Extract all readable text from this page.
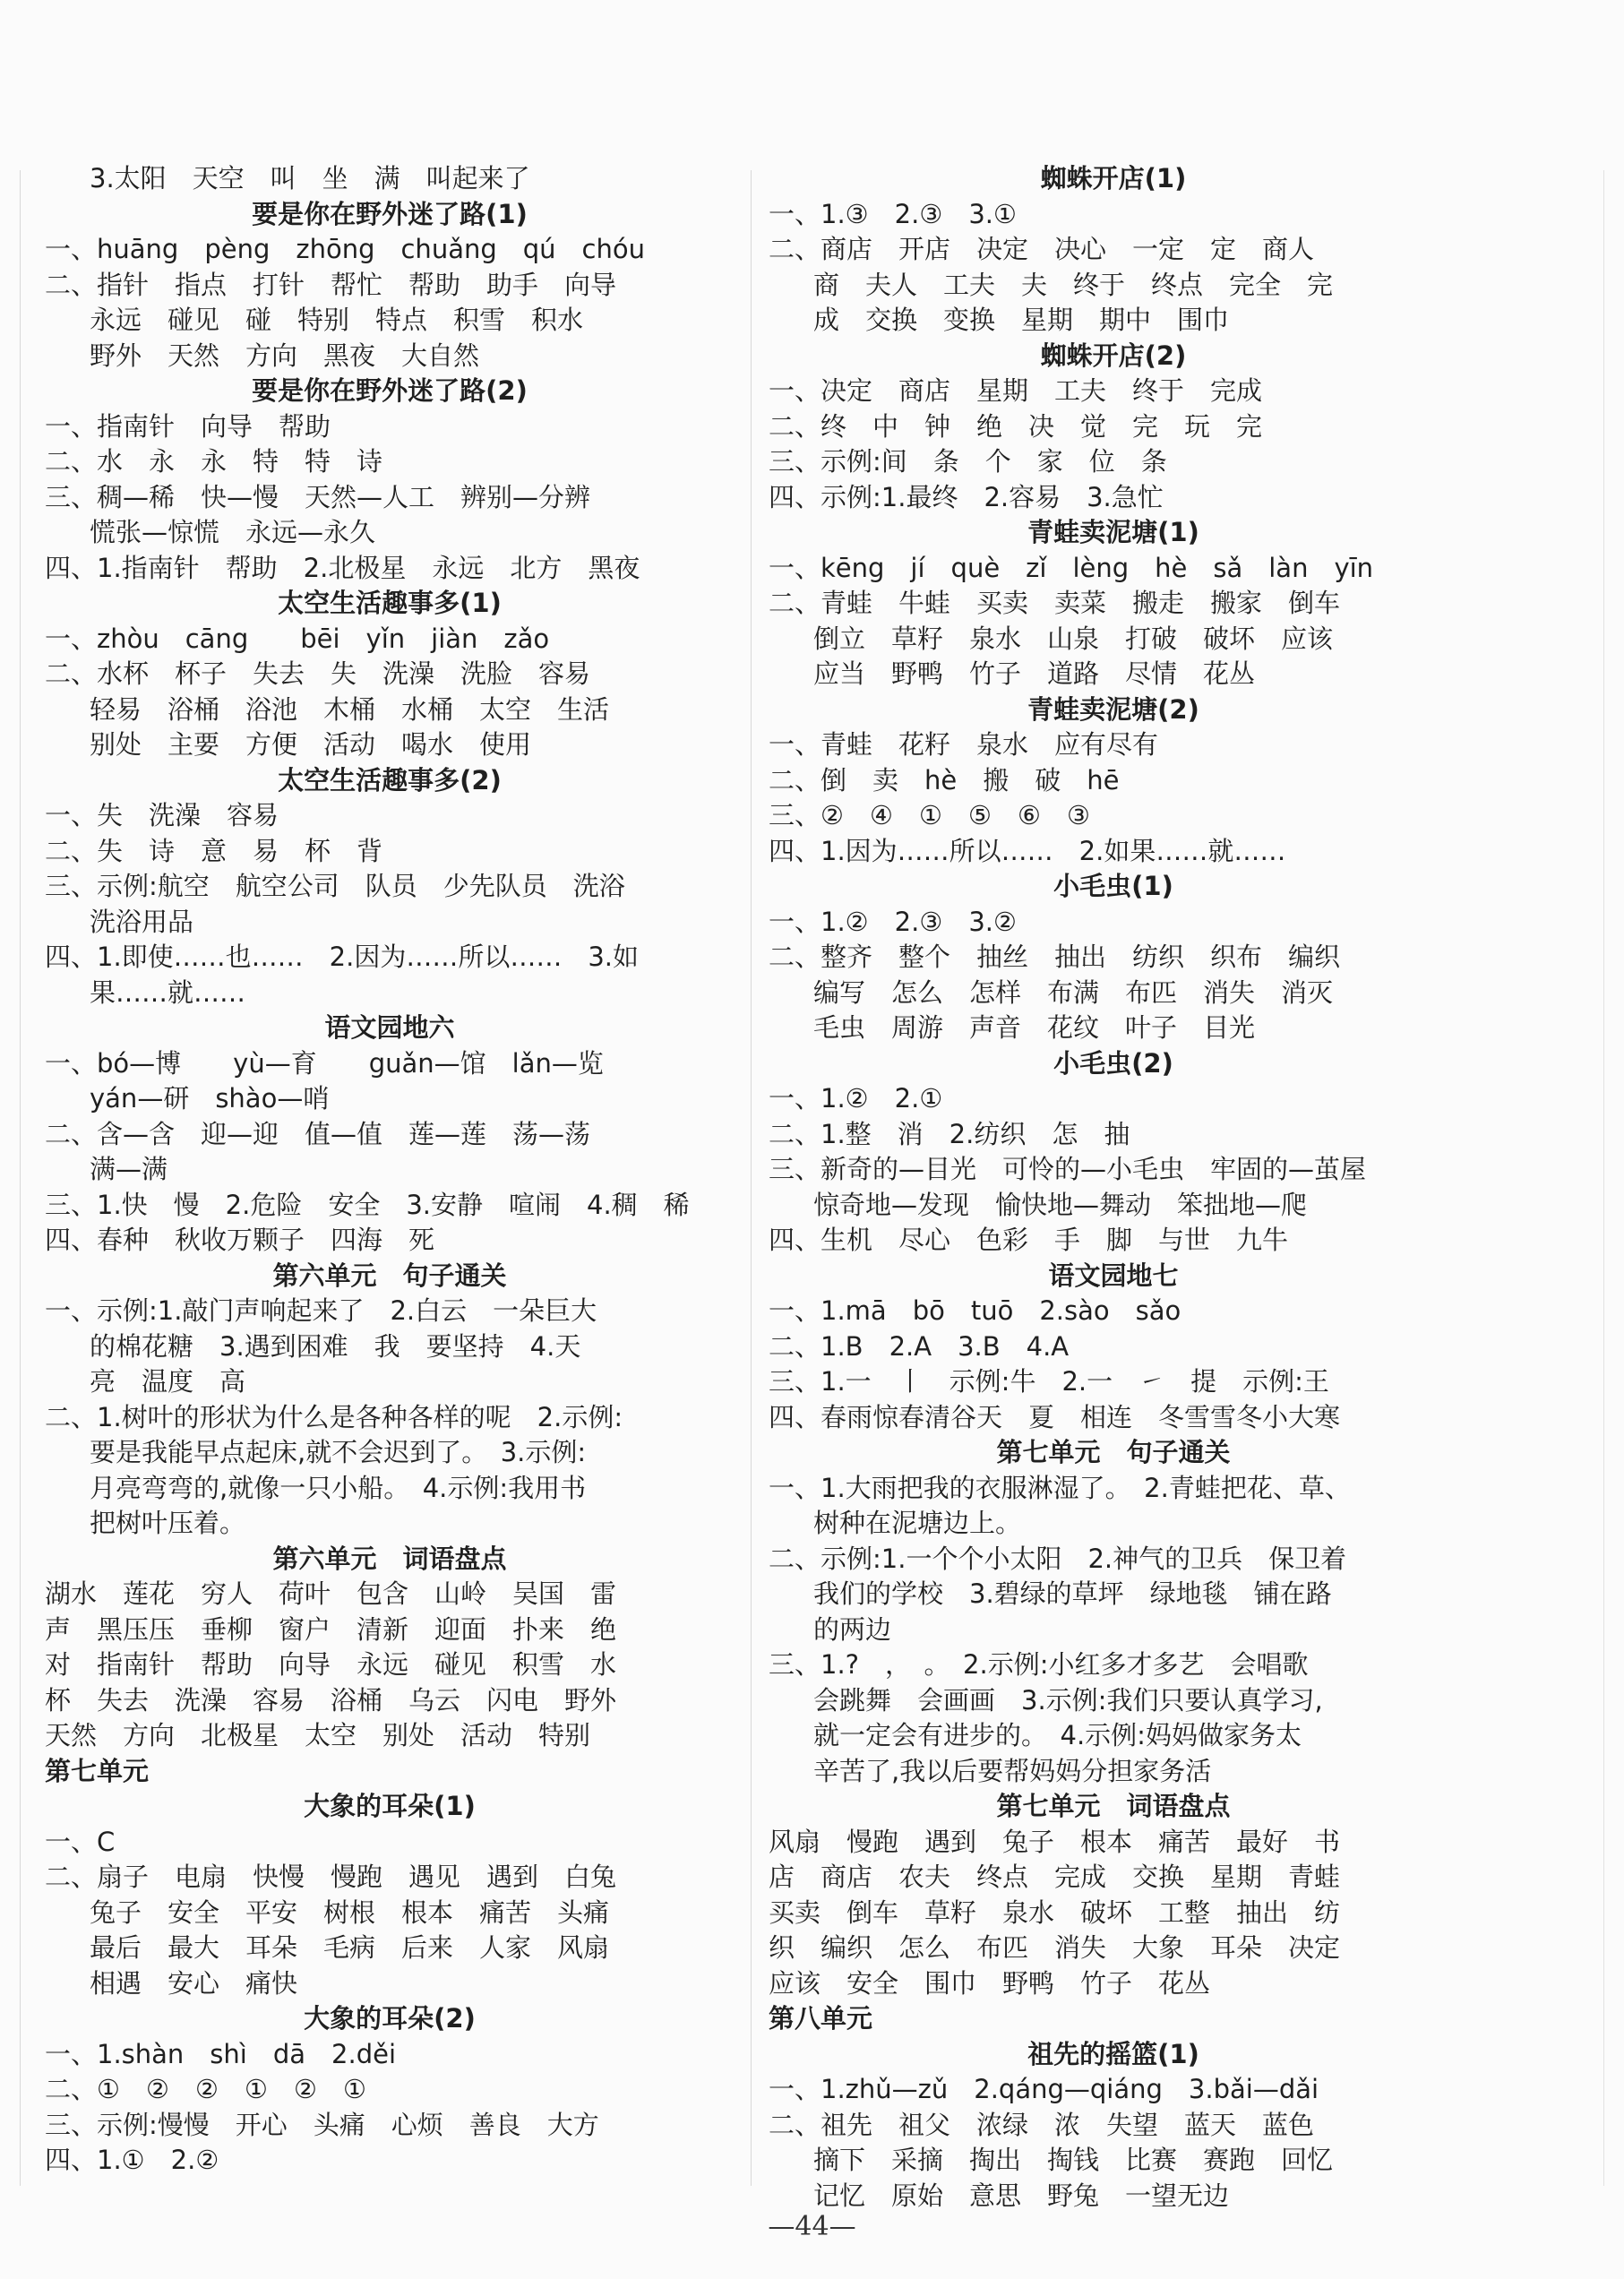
3.太阳　天空　叫　坐　满　叫起来了
要是你在野外迷了路(1)
一、huāng　pèng　zhōng　chuǎng　qú　chóu
二、指针　指点　打针　帮忙　帮助　助手　向导
永远　碰见　碰　特别　特点　积雪　积水
野外　天然　方向　黑夜　大自然
要是你在野外迷了路(2)
一、指南针　向导　帮助
二、水　永　永　特　特　诗
三、稠—稀　快—慢　天然—人工　辨别—分辨
慌张—惊慌　永远—永久
四、1.指南针　帮助　2.北极星　永远　北方　黑夜
太空生活趣事多(1)
一、zhòu　cāng　　bēi　yǐn　jiàn　zǎo
二、水杯　杯子　失去　失　洗澡　洗脸　容易
轻易　浴桶　浴池　木桶　水桶　太空　生活
别处　主要　方便　活动　喝水　使用
太空生活趣事多(2)
一、失　洗澡　容易
二、失　诗　意　易　杯　背
三、示例:航空　航空公司　队员　少先队员　洗浴
洗浴用品
四、1.即使……也……　2.因为……所以……　3.如
果……就……
语文园地六
一、bó—博　　yù—育　　guǎn—馆　lǎn—览
yán—研　shào—哨
二、含—含　迎—迎　值—值　莲—莲　荡—荡
满—满
三、1.快　慢　2.危险　安全　3.安静　喧闹　4.稠　稀
四、春种　秋收万颗子　四海　死
第六单元　句子通关
一、示例:1.敲门声响起来了　2.白云　一朵巨大
的棉花糖　3.遇到困难　我　要坚持　4.天
亮　温度　高
二、1.树叶的形状为什么是各种各样的呢　2.示例:
要是我能早点起床,就不会迟到了。　3.示例:
月亮弯弯的,就像一只小船。　4.示例:我用书
把树叶压着。
第六单元　词语盘点
湖水　莲花　穷人　荷叶　包含　山岭　吴国　雷
声　黑压压　垂柳　窗户　清新　迎面　扑来　绝
对　指南针　帮助　向导　永远　碰见　积雪　水
杯　失去　洗澡　容易　浴桶　乌云　闪电　野外
天然　方向　北极星　太空　别处　活动　特别
第七单元
大象的耳朵(1)
一、C
二、扇子　电扇　快慢　慢跑　遇见　遇到　白兔
兔子　安全　平安　树根　根本　痛苦　头痛
最后　最大　耳朵　毛病　后来　人家　风扇
相遇　安心　痛快
大象的耳朵(2)
一、1.shàn　shì　dā　2.děi
二、①　②　②　①　②　①
三、示例:慢慢　开心　头痛　心烦　善良　大方
四、1.①　2.②
蜘蛛开店(1)
一、1.③　2.③　3.①
二、商店　开店　决定　决心　一定　定　商人
商　夫人　工夫　夫　终于　终点　完全　完
成　交换　变换　星期　期中　围巾
蜘蛛开店(2)
一、决定　商店　星期　工夫　终于　完成
二、终　中　钟　绝　决　觉　完　玩　完
三、示例:间　条　个　家　位　条
四、示例:1.最终　2.容易　3.急忙
青蛙卖泥塘(1)
一、kēng　jí　què　zǐ　lèng　hè　sǎ　làn　yīn
二、青蛙　牛蛙　买卖　卖菜　搬走　搬家　倒车
倒立　草籽　泉水　山泉　打破　破坏　应该
应当　野鸭　竹子　道路　尽情　花丛
青蛙卖泥塘(2)
一、青蛙　花籽　泉水　应有尽有
二、倒　卖　hè　搬　破　hē
三、②　④　①　⑤　⑥　③
四、1.因为……所以……　2.如果……就……
小毛虫(1)
一、1.②　2.③　3.②
二、整齐　整个　抽丝　抽出　纺织　织布　编织
编写　怎么　怎样　布满　布匹　消失　消灭
毛虫　周游　声音　花纹　叶子　目光
小毛虫(2)
一、1.②　2.①
二、1.整　消　2.纺织　怎　抽
三、新奇的—目光　可怜的—小毛虫　牢固的—茧屋
惊奇地—发现　愉快地—舞动　笨拙地—爬
四、生机　尽心　色彩　手　脚　与世　九牛
语文园地七
一、1.mā　bō　tuō　2.sào　sǎo
二、1.B　2.A　3.B　4.A
三、1.一　丨　示例:牛　2.一　㇀　提　示例:王
四、春雨惊春清谷天　夏　相连　冬雪雪冬小大寒
第七单元　句子通关
一、1.大雨把我的衣服淋湿了。　2.青蛙把花、草、
树种在泥塘边上。
二、示例:1.一个个小太阳　2.神气的卫兵　保卫着
我们的学校　3.碧绿的草坪　绿地毯　铺在路
的两边
三、1.?　，　。　2.示例:小红多才多艺　会唱歌
会跳舞　会画画　3.示例:我们只要认真学习,
就一定会有进步的。　4.示例:妈妈做家务太
辛苦了,我以后要帮妈妈分担家务活
第七单元　词语盘点
风扇　慢跑　遇到　兔子　根本　痛苦　最好　书
店　商店　农夫　终点　完成　交换　星期　青蛙
买卖　倒车　草籽　泉水　破坏　工整　抽出　纺
织　编织　怎么　布匹　消失　大象　耳朵　决定
应该　安全　围巾　野鸭　竹子　花丛
第八单元
祖先的摇篮(1)
一、1.zhǔ—zǔ　2.qáng—qiáng　3.bǎi—dǎi
二、祖先　祖父　浓绿　浓　失望　蓝天　蓝色
摘下　采摘　掏出　掏钱　比赛　赛跑　回忆
记忆　原始　意思　野兔　一望无边
—44—
